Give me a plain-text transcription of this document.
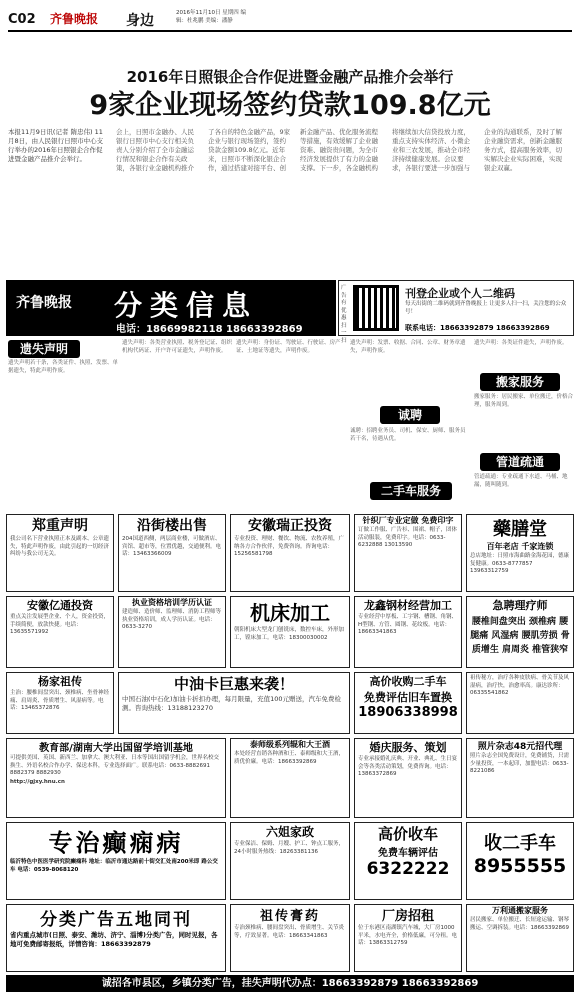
C02 齐鲁晚报 身边	2016年11月10日 星期四 编辑：杜兆鹏 美编：潘静
2016年日照银企合作促进暨金融产品推介会举行
9家企业现场签约贷款109.8亿元
本报11月9日讯(记者 隋忠伟) 11月8日，由人民银行日照市中心支行举办的2016年日照银企合作促进暨金融产品推介会举行。
会上，日照市金融办、人民银行日照市中心支行相关负责人分别介绍了全市金融运行情况和银企合作有关政策，各银行业金融机构推介了各自的特色金融产品，9家企业与银行现场签约，签约贷款金额109.8亿元。近年来，日照市不断深化银企合作，通过搭建对接平台、创新金融产品、优化服务流程等措施，有效缓解了企业融资难、融资贵问题，为全市经济发展提供了有力的金融支撑。下一步，各金融机构将继续加大信贷投放力度，重点支持实体经济、小微企业和三农发展，推动全市经济持续健康发展。会议要求，各银行要进一步加强与企业的沟通联系，及时了解企业融资需求，创新金融服务方式，提高服务效率，切实解决企业实际困难，实现银企双赢。
齐鲁晚报 分类信息
电话：18669982118 18663392869
广告有优惠 扫一扫
刊登企业或个人二维码
每天出街的二维码就到齐鲁晚报上 让更多人扫一扫，关注您的公众号！
联系电话：18663392879 18663392869
遗失声明
搬家服务
管道疏通
诚聘
二手车服务
遗失声明若干条，各类证件、执照、发票、单据遗失，特此声明作废。
遗失声明：各类营业执照、税务登记证、组织机构代码证、开户许可证遗失，声明作废。
遗失声明：身份证、驾驶证、行驶证、房产证、土地证等遗失，声明作废。
遗失声明：发票、收据、合同、公章、财务章遗失，声明作废。
诚聘：招聘业务员、司机、保安、厨师、服务员若干名，待遇从优。
遗失声明：各类证件遗失，声明作废。
搬家服务：居民搬家、单位搬迁，价格合理，服务周到。
管道疏通：专业疏通下水道、马桶、地漏，随叫随到。
郑重声明
我公司名下营业执照正本及副本、公章遗失，特此声明作废，由此引起的一切经济纠纷与我公司无关。
沿街楼出售
204国道西侧，两层商业楼，可做酒店、宾馆、超市等，位置优越，交通便利。电话：13463366009
安徽瑞正投资
专业投资、理财、餐饮、物流、农牧养殖，广纳各方合作伙伴，免费咨询。咨询电话：15256581798
针织厂专业定做 免费印字
订做工作服、广告衫、围裙、帽子，团体活动服装，免费印字。电话：0633-6232888 13013590
藥膳堂
百年老店 千家连锁
总店地址：日照市海曲路金海花园，德康复健康。0633-8777857 13963312759
安徽亿通投资
重点关注发展型企业、个人，资金投资，手续简便，放款快捷。电话：13635571992
执业资格培训学历认证
建造师、造价师、监理师、消防工程师等执业资格培训，成人学历认证。电话：0633-3270
机床加工
朝阳机床大型龙门刨铣床，数控车床，外形加工，镗床加工。电话：18300030002
龙鑫钢材经营加工
专业经营中厚板、工字钢、槽钢、角钢、H型钢、方管、圆钢、花纹板。电话：18663341863
急聘理疗师
腰椎间盘突出 颈椎病 腰腿痛 风湿病 腰肌劳损 骨质增生 肩周炎 椎管狭窄
杨家祖传
主治：腰椎间盘突出、颈椎病、坐骨神经痛、肩周炎、骨质增生、风湿病等。电话：13465372876
中油卡巨惠来袭！
中国石油(中石化)加油卡折扣办理，每月限量，充值100元赠送，汽车免费检测。咨询热线：13188123270
高价收购二手车
免费评估旧车置换
18906338998
祖传秘方，治疗各种皮肤病、骨关节及风湿病，治疗快，治愈率高。康达诊所：06335541862
教育部/湖南大学出国留学培训基地
可提供美国、英国、新西兰、加拿大、澳大利亚、日本等国出国留学机会，世界名校交换生、外语名校合作办学、保送本科，专业选择面广。联系电话：0633-8882691 8882379 8882930
http://gjxy.hnu.cn
泰师级系列辊和大王酒
本处经营直销各种酒和王、泰师级和大王酒，质优价廉。电话：18663392869
婚庆服务、策划
专业承接婚礼庆典、开业、典礼、生日宴会等各类活动策划，免费咨询。电话：13863372869
照片杂志48元招代理
照片杂志全国免费设计，免费铺货，只需少量投资，一本起印，加盟电话：0633-8221086
专治癫痫病
临沂特色中医医学研究院癫痫科 地址：临沂市通达路前十街交汇处南200米即 路公交车 电话：0539-8068120
六姐家政
专业保洁、保姆、月嫂、护工、钟点工服务，24小时服务热线：18263381136
高价收车
免费车辆评估
6322222
收二手车
8955555
分类广告五地同刊
省内重点城市(日照、泰安、潍坊、济宁、淄博)分类广告，同时见报，各地可免费邮寄报纸，详情咨询：18663392879
祖传膏药
专治颈椎病、腰间盘突出、骨质增生、关节炎等，疗效显著。电话：18663341863
厂房招租
位于东港区南湖镇汽车城，大厂房1000平米，水电齐全，价格低廉，可分租。电话：13863312759
万利通搬家服务
居民搬家、单位搬迁、长短途运输、钢琴搬运、空调拆装。电话：18663392869
诚招各市县区，乡镇分类广告，挂失声明代办点：18663392879 18663392869
